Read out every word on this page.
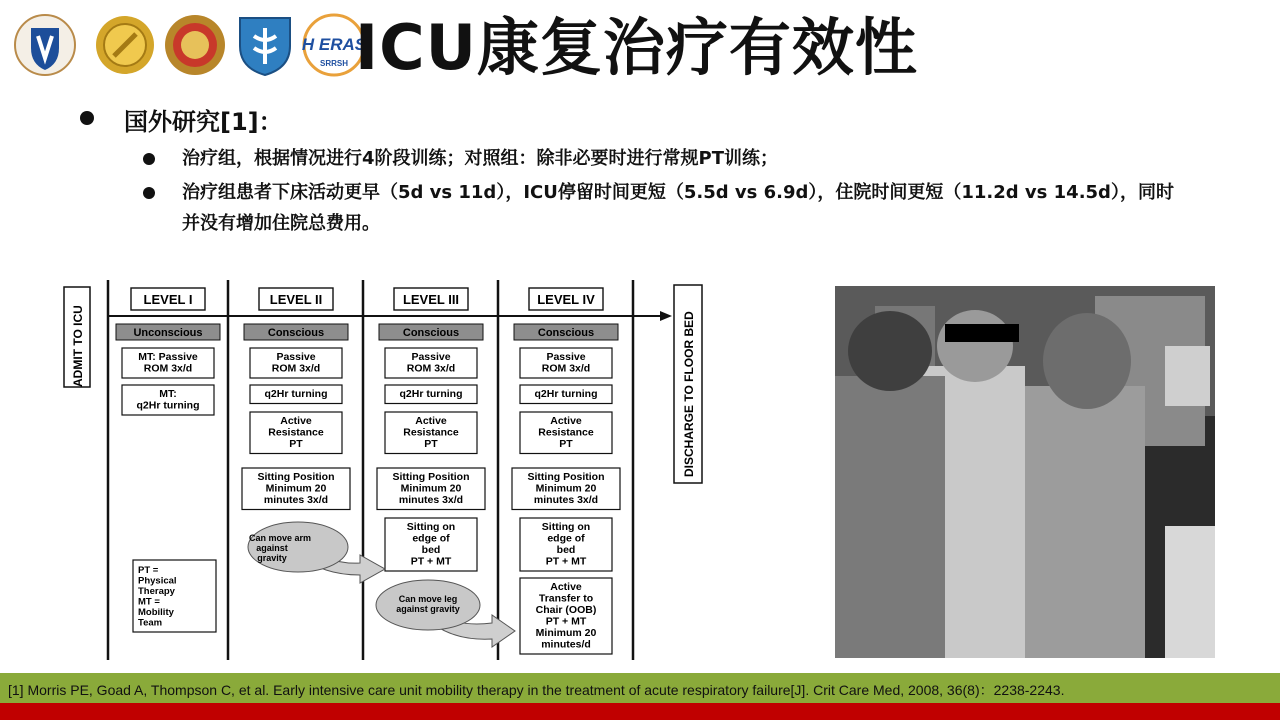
H ERAS
SRRSH ICU康复治疗有效性
国外研究[1]：
治疗组，根据情况进行4阶段训练；对照组：除非必要时进行常规PT训练；
治疗组患者下床活动更早（5d vs 11d），ICU停留时间更短（5.5d vs 6.9d），住院时间更短（11.2d vs 14.5d），同时并没有增加住院总费用。
ADMIT TO ICU	DISCHARGE TO FLOOR BED
LEVEL I
Unconscious
MT: Passive
ROM 3x/d
MT:
q2Hr turning
LEVEL II
Conscious
Passive
ROM 3x/d
q2Hr turning
Active
Resistance
PT
Sitting Position
Minimum 20
minutes 3x/d
LEVEL III
Conscious
Passive
ROM 3x/d
q2Hr turning
Active
Resistance
PT
Sitting Position
Minimum 20
minutes 3x/d
Sitting on
edge of
bed
PT + MT
LEVEL IV
Conscious
Passive
ROM 3x/d
q2Hr turning
Active
Resistance
PT
Sitting Position
Minimum 20
minutes 3x/d
Sitting on
edge of
bed
PT + MT
Active
Transfer to
Chair (OOB)
PT + MT
Minimum 20
minutes/d
Can move arm
against
gravity
Can move leg
against gravity
PT =
Physical
Therapy
MT =
Mobility
Team
[1] Morris PE, Goad A, Thompson C, et al. Early intensive care unit mobility therapy in the treatment of acute respiratory failure[J]. Crit Care Med, 2008, 36(8)：2238-2243.
